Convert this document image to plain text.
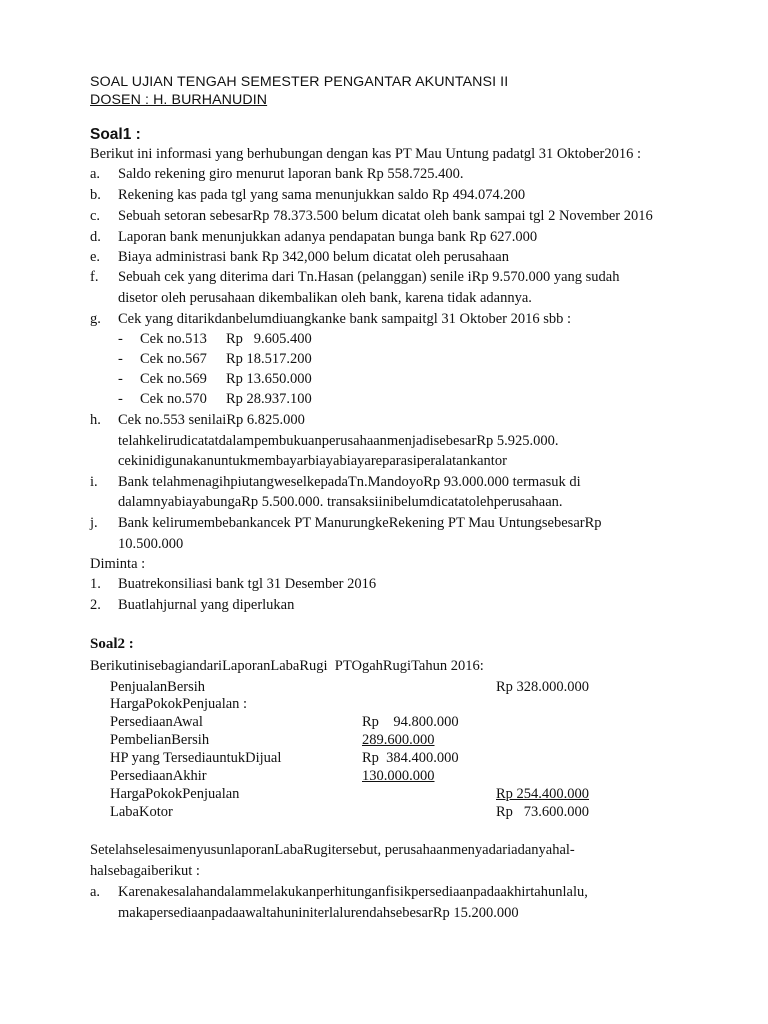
SOAL UJIAN TENGAH SEMESTER PENGANTAR AKUNTANSI II
DOSEN : H. BURHANUDIN
Soal1 :
Berikut ini informasi yang berhubungan dengan kas PT Mau Untung padatgl 31 Oktober2016 :
a. Saldo rekening giro menurut laporan bank Rp 558.725.400.
b. Rekening kas pada tgl yang sama menunjukkan saldo Rp 494.074.200
c. Sebuah setoran sebesarRp 78.373.500 belum dicatat oleh bank sampai tgl 2 November 2016
d. Laporan bank menunjukkan adanya pendapatan bunga bank Rp 627.000
e. Biaya administrasi bank Rp 342,000 belum dicatat oleh perusahaan
f. Sebuah cek yang diterima dari Tn.Hasan (pelanggan) senile iRp 9.570.000 yang sudah
disetor oleh perusahaan dikembalikan oleh bank, karena tidak adannya.
g. Cek yang ditarikdanbelumdiuangkanke bank sampaitgl 31 Oktober 2016 sbb :
- Cek no.513 Rp   9.605.400
- Cek no.567 Rp 18.517.200
- Cek no.569 Rp 13.650.000
- Cek no.570 Rp 28.937.100
h. Cek no.553 senilaiRp 6.825.000
telahkelirudicatatdalampembukuanperusahaanmenjadisebesarRp 5.925.000.
cekinidigunakanuntukmembayarbiayabiayareparasiperalatankantor
i. Bank telahmenagihpiutangweselkepadaTn.MandoyoRp 93.000.000 termasuk di
dalamnyabiayabungaRp 5.500.000. transaksiinibelumdicatatolehperusahaan.
j. Bank kelirumembebankancek PT ManurungkeRekening PT Mau UntungsebesarRp
10.500.000
Diminta :
1. Buatrekonsiliasi bank tgl 31 Desember 2016
2. Buatlahjurnal yang diperlukan
Soal2 :
BerikutinisebagiandariLaporanLabaRugi  PTOgahRugiTahun 2016:
PenjualanBersih	Rp 328.000.000
HargaPokokPenjualan :
PersediaanAwal	Rp    94.800.000
PembelianBersih	289.600.000
HP yang TersediauntukDijual	Rp  384.400.000
PersediaanAkhir	130.000.000
HargaPokokPenjualan	Rp 254.400.000
LabaKotor	Rp   73.600.000
SetelahselesaimenyusunlaporanLabaRugitersebut, perusahaanmenyadariadanyahal-
halsebagaiberikut :
a. Karenakesalahandalammelakukanperhitunganfisikpersediaanpadaakhirtahunlalu,
makapersediaanpadaawaltahuniniterlalurendahsebesarRp 15.200.000
